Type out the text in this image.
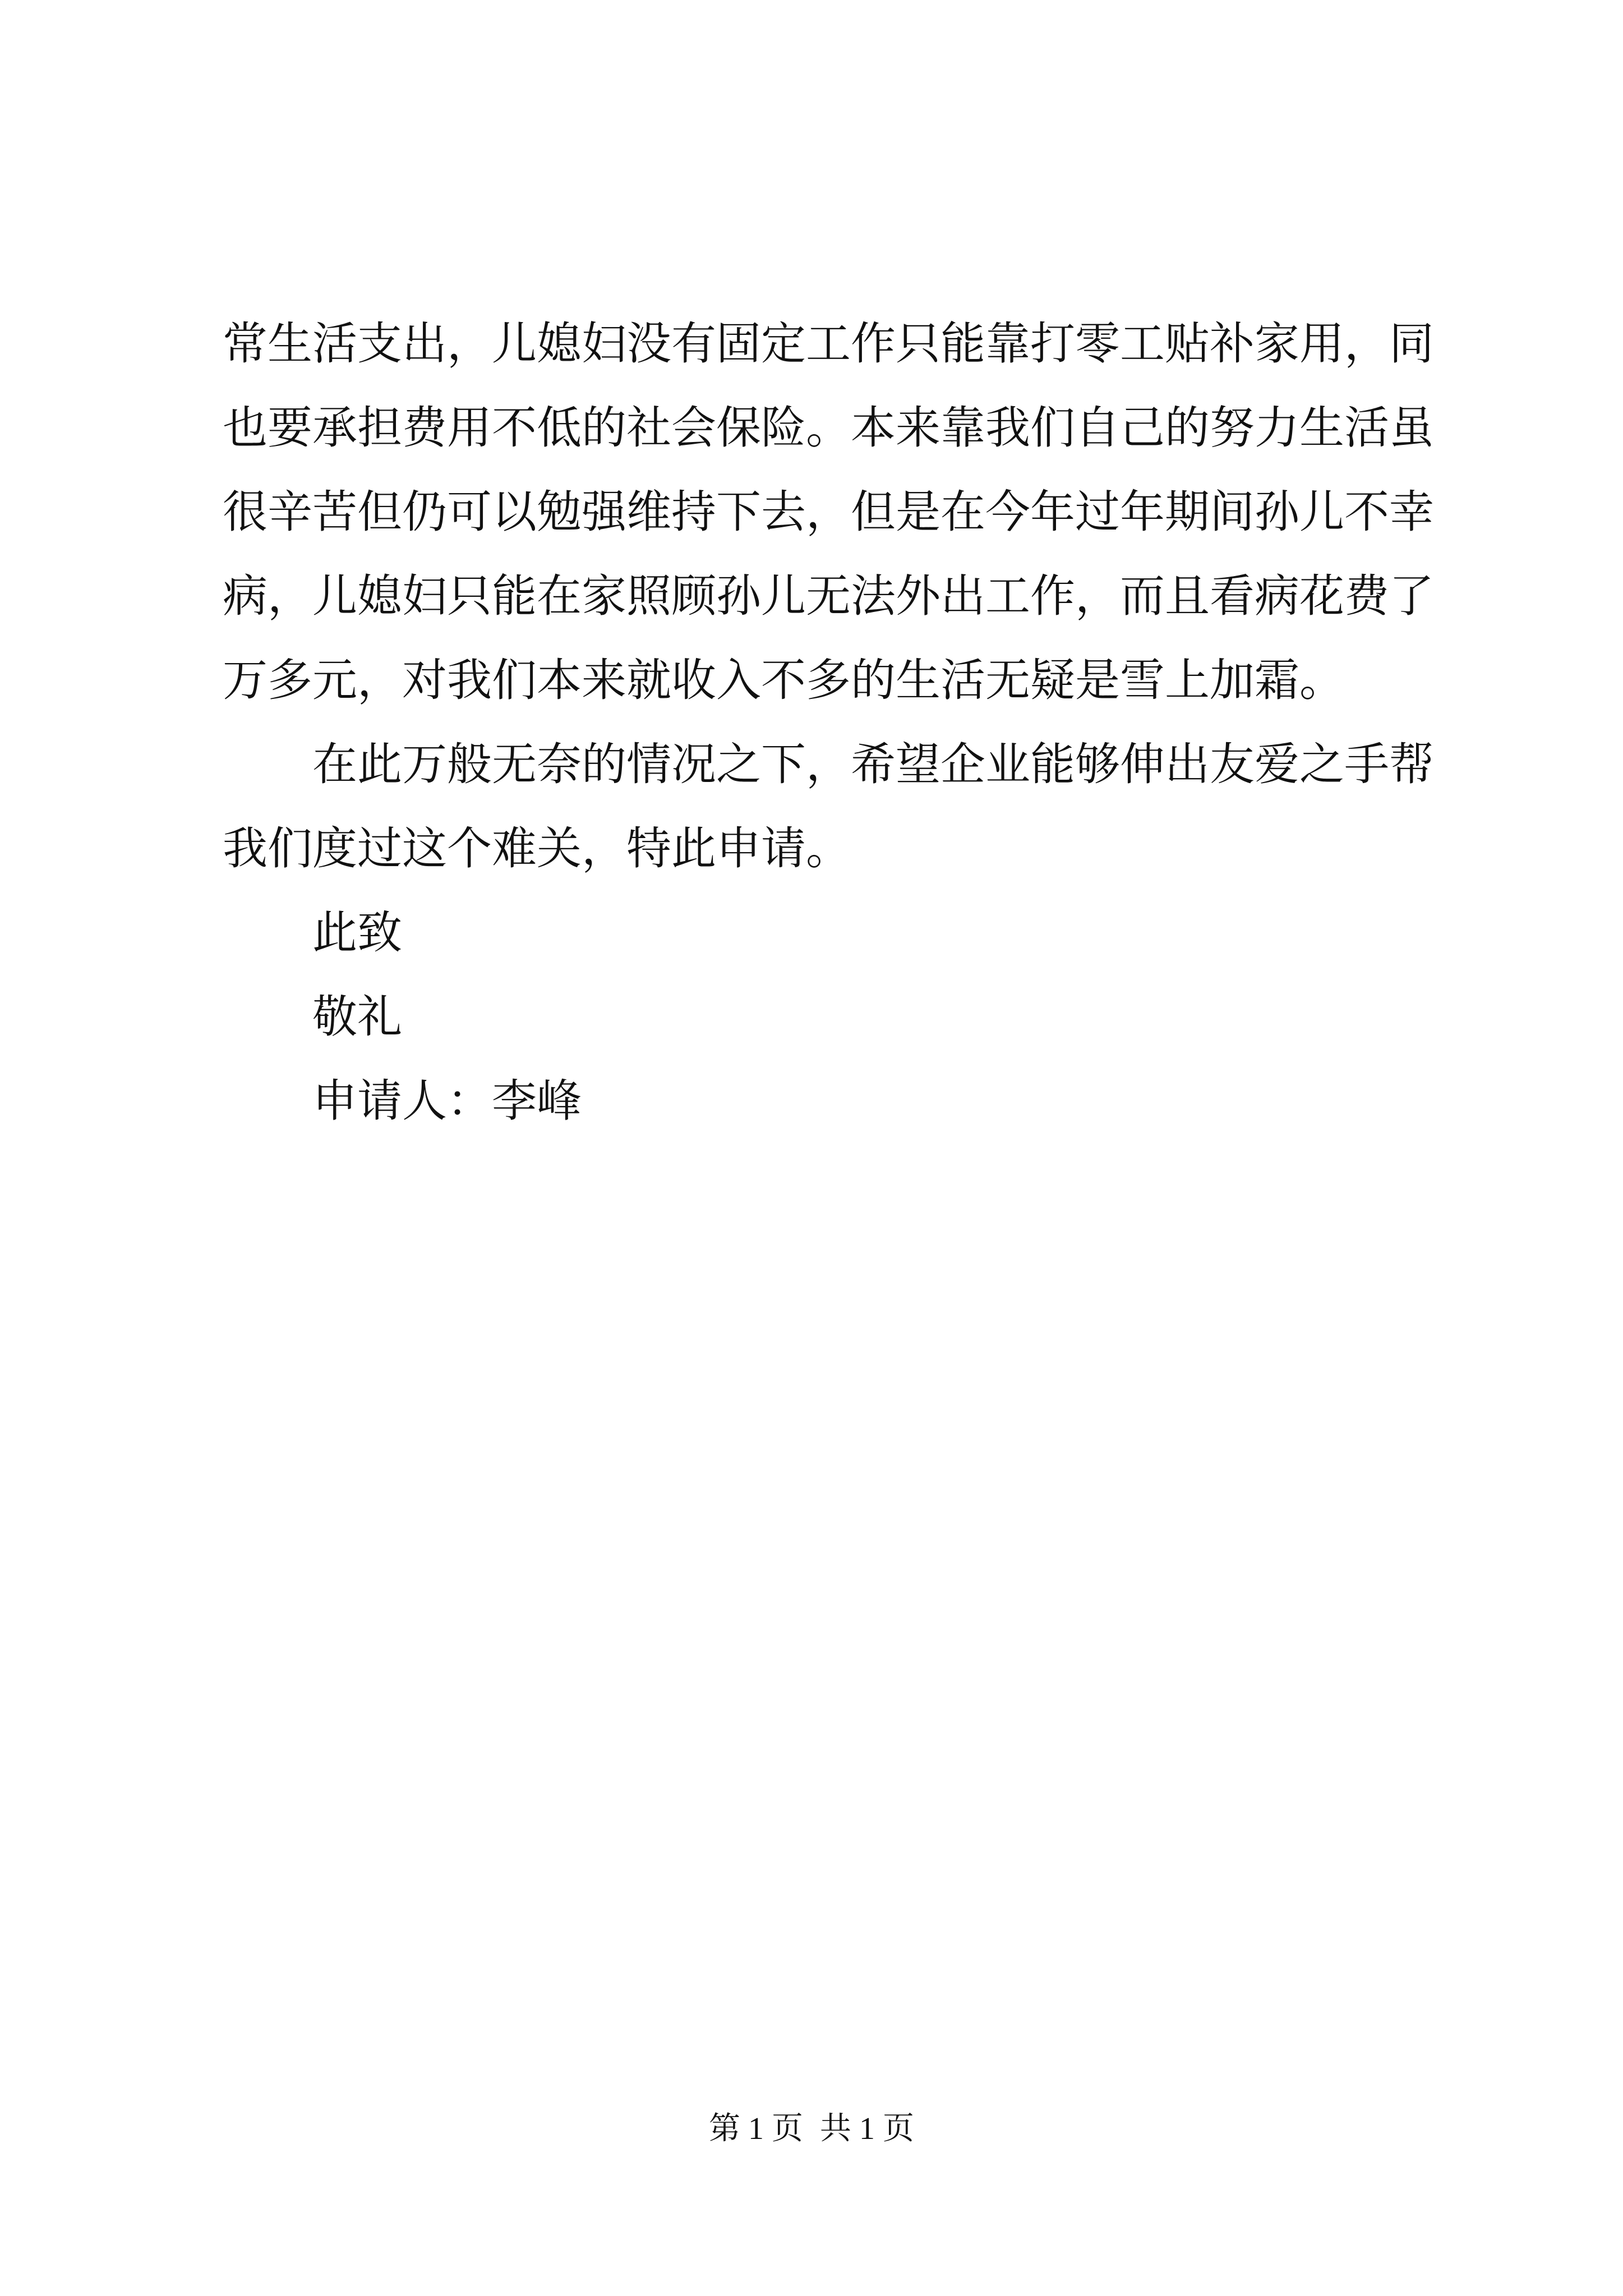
常生活支出，儿媳妇没有固定工作只能靠打零工贴补家用，同
也要承担费用不低的社会保险。本来靠我们自己的努力生活虽
很辛苦但仍可以勉强维持下去，但是在今年过年期间孙儿不幸
病，儿媳妇只能在家照顾孙儿无法外出工作，而且看病花费了
万多元，对我们本来就收入不多的生活无疑是雪上加霜。
在此万般无奈的情况之下，希望企业能够伸出友爱之手帮
我们度过这个难关，特此申请。
此致
敬礼
申请人：李峰
第 1 页 共 1 页
